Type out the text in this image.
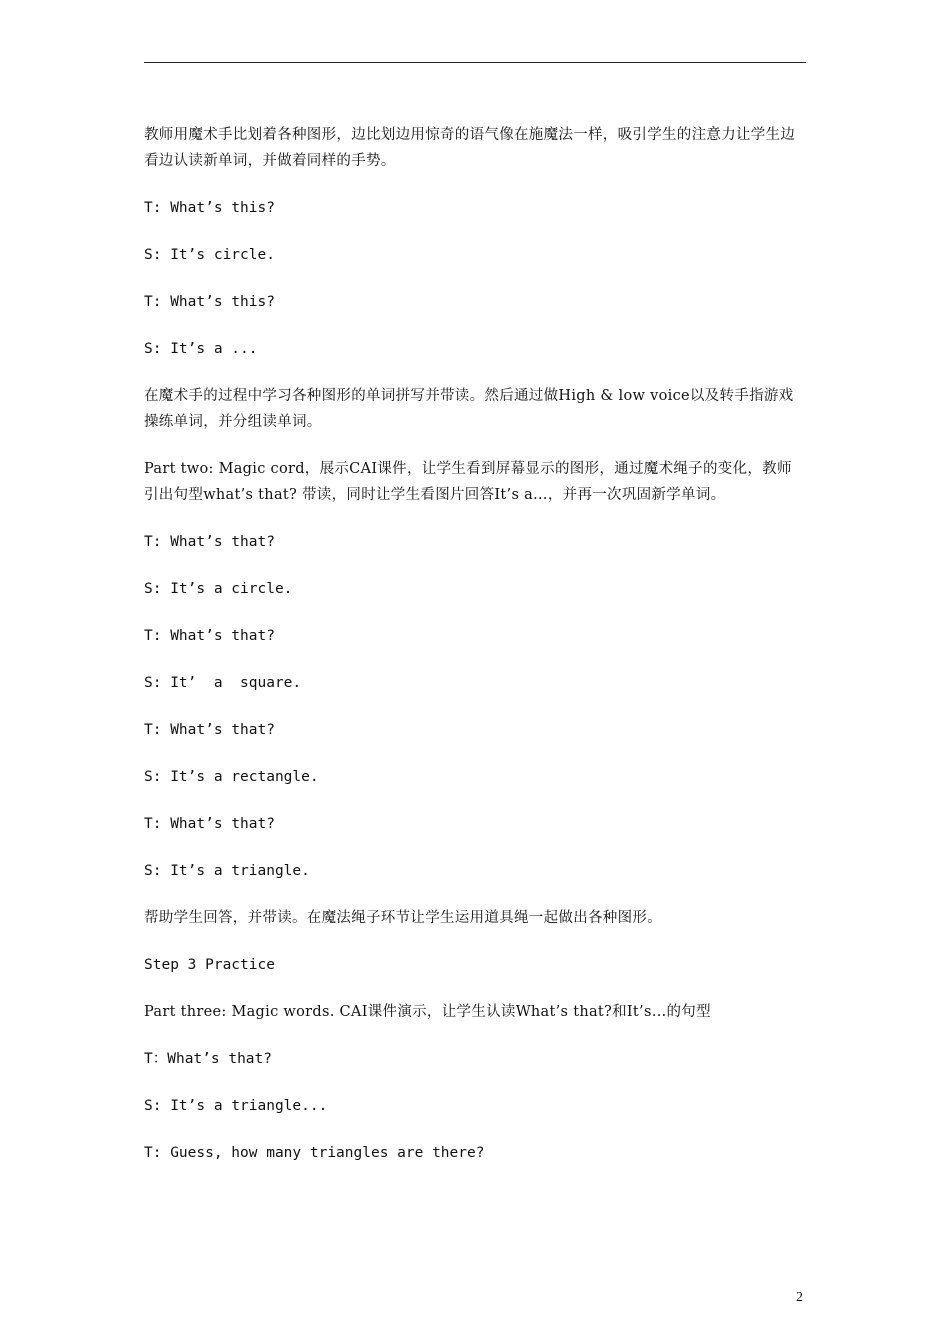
教师用魔术手比划着各种图形，边比划边用惊奇的语气像在施魔法一样，吸引学生的注意力让学生边看边认读新单词，并做着同样的手势。

T: What’s this?

S: It’s circle.

T: What’s this?

S: It’s a ...

在魔术手的过程中学习各种图形的单词拼写并带读。然后通过做High & low voice以及转手指游戏操练单词，并分组读单词。

Part two: Magic cord，展示CAI课件，让学生看到屏幕显示的图形，通过魔术绳子的变化，教师引出句型what’s that? 带读，同时让学生看图片回答It’s a…，并再一次巩固新学单词。

T: What’s that?

S: It’s a circle.

T: What’s that?

S: It’  a  square.

T: What’s that?

S: It’s a rectangle.

T: What’s that?

S: It’s a triangle.

帮助学生回答，并带读。在魔法绳子环节让学生运用道具绳一起做出各种图形。

Step 3 Practice

Part three: Magic words. CAI课件演示，让学生认读What’s that?和It’s…的句型

T：What’s that?

S: It’s a triangle...

T: Guess, how many triangles are there?

2
